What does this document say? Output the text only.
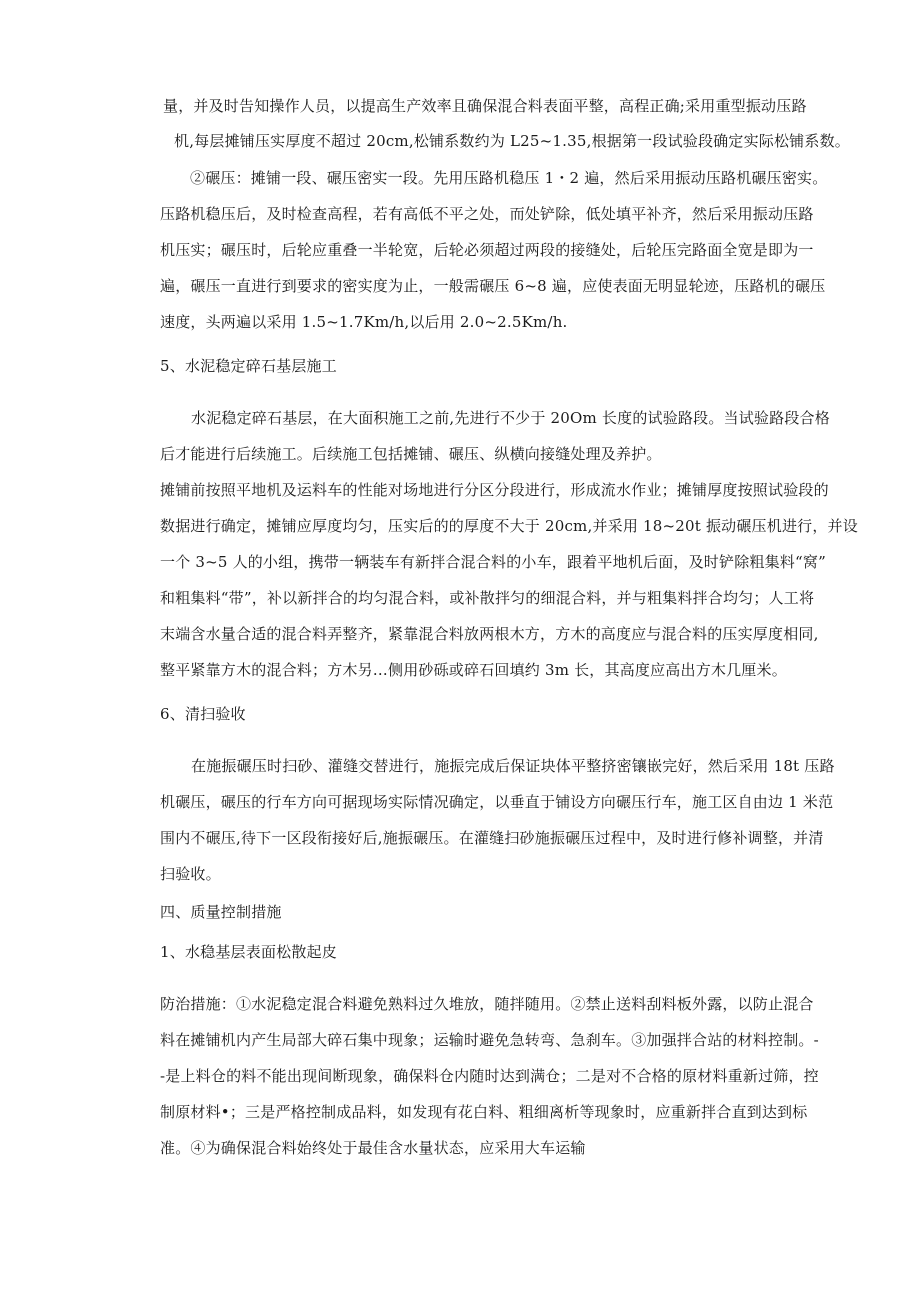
量，并及时告知操作人员，以提高生产效率且确保混合料表面平整，高程正确;采用重型振动压路
机,每层摊铺压实厚度不超过 20cm,松铺系数约为 L25~1.35,根据第一段试验段确定实际松铺系数。
②碾压：摊铺一段、碾压密实一段。先用压路机稳压 1・2 遍，然后采用振动压路机碾压密实。
压路机稳压后，及时检查高程，若有高低不平之处，而处铲除，低处填平补齐，然后采用振动压路
机压实；碾压时，后轮应重叠一半轮宽，后轮必须超过两段的接缝处，后轮压完路面全宽是即为一
遍，碾压一直进行到要求的密实度为止，一般需碾压 6~8 遍，应使表面无明显轮迹，压路机的碾压
速度，头两遍以采用 1.5~1.7Km/h,以后用 2.0~2.5Km/h.
5、水泥稳定碎石基层施工
水泥稳定碎石基层，在大面积施工之前,先进行不少于 20Om 长度的试验路段。当试验路段合格
后才能进行后续施工。后续施工包括摊铺、碾压、纵横向接缝处理及养护。
摊铺前按照平地机及运料车的性能对场地进行分区分段进行，形成流水作业；摊铺厚度按照试验段的
数据进行确定，摊铺应厚度均匀，压实后的的厚度不大于 20cm,并采用 18~20t 振动碾压机进行，并设
一个 3~5 人的小组，携带一辆装车有新拌合混合料的小车，跟着平地机后面，及时铲除粗集料“窝”
和粗集料“带”，补以新拌合的均匀混合料，或补散拌匀的细混合料，并与粗集料拌合均匀；人工将
末端含水量合适的混合料弄整齐，紧靠混合料放两根木方，方木的高度应与混合料的压实厚度相同,
整平紧靠方木的混合料；方木另…侧用砂砾或碎石回填约 3m 长，其高度应高出方木几厘米。
6、清扫验收
在施振碾压时扫砂、灌缝交替进行，施振完成后保证块体平整挤密镶嵌完好，然后采用 18t 压路
机碾压，碾压的行车方向可据现场实际情况确定，以垂直于铺设方向碾压行车，施工区自由边 1 米范
围内不碾压,待下一区段衔接好后,施振碾压。在灌缝扫砂施振碾压过程中，及时进行修补调整，并清
扫验收。
四、质量控制措施
1、水稳基层表面松散起皮
防治措施：①水泥稳定混合料避免熟料过久堆放，随拌随用。②禁止送料刮料板外露，以防止混合
料在摊铺机内产生局部大碎石集中现象；运输时避免急转弯、急刹车。③加强拌合站的材料控制。-
-是上料仓的料不能出现间断现象，确保料仓内随时达到满仓；二是对不合格的原材料重新过筛，控
制原材料•；三是严格控制成品料，如发现有花白料、粗细离析等现象时，应重新拌合直到达到标
准。④为确保混合料始终处于最佳含水量状态，应采用大车运输
